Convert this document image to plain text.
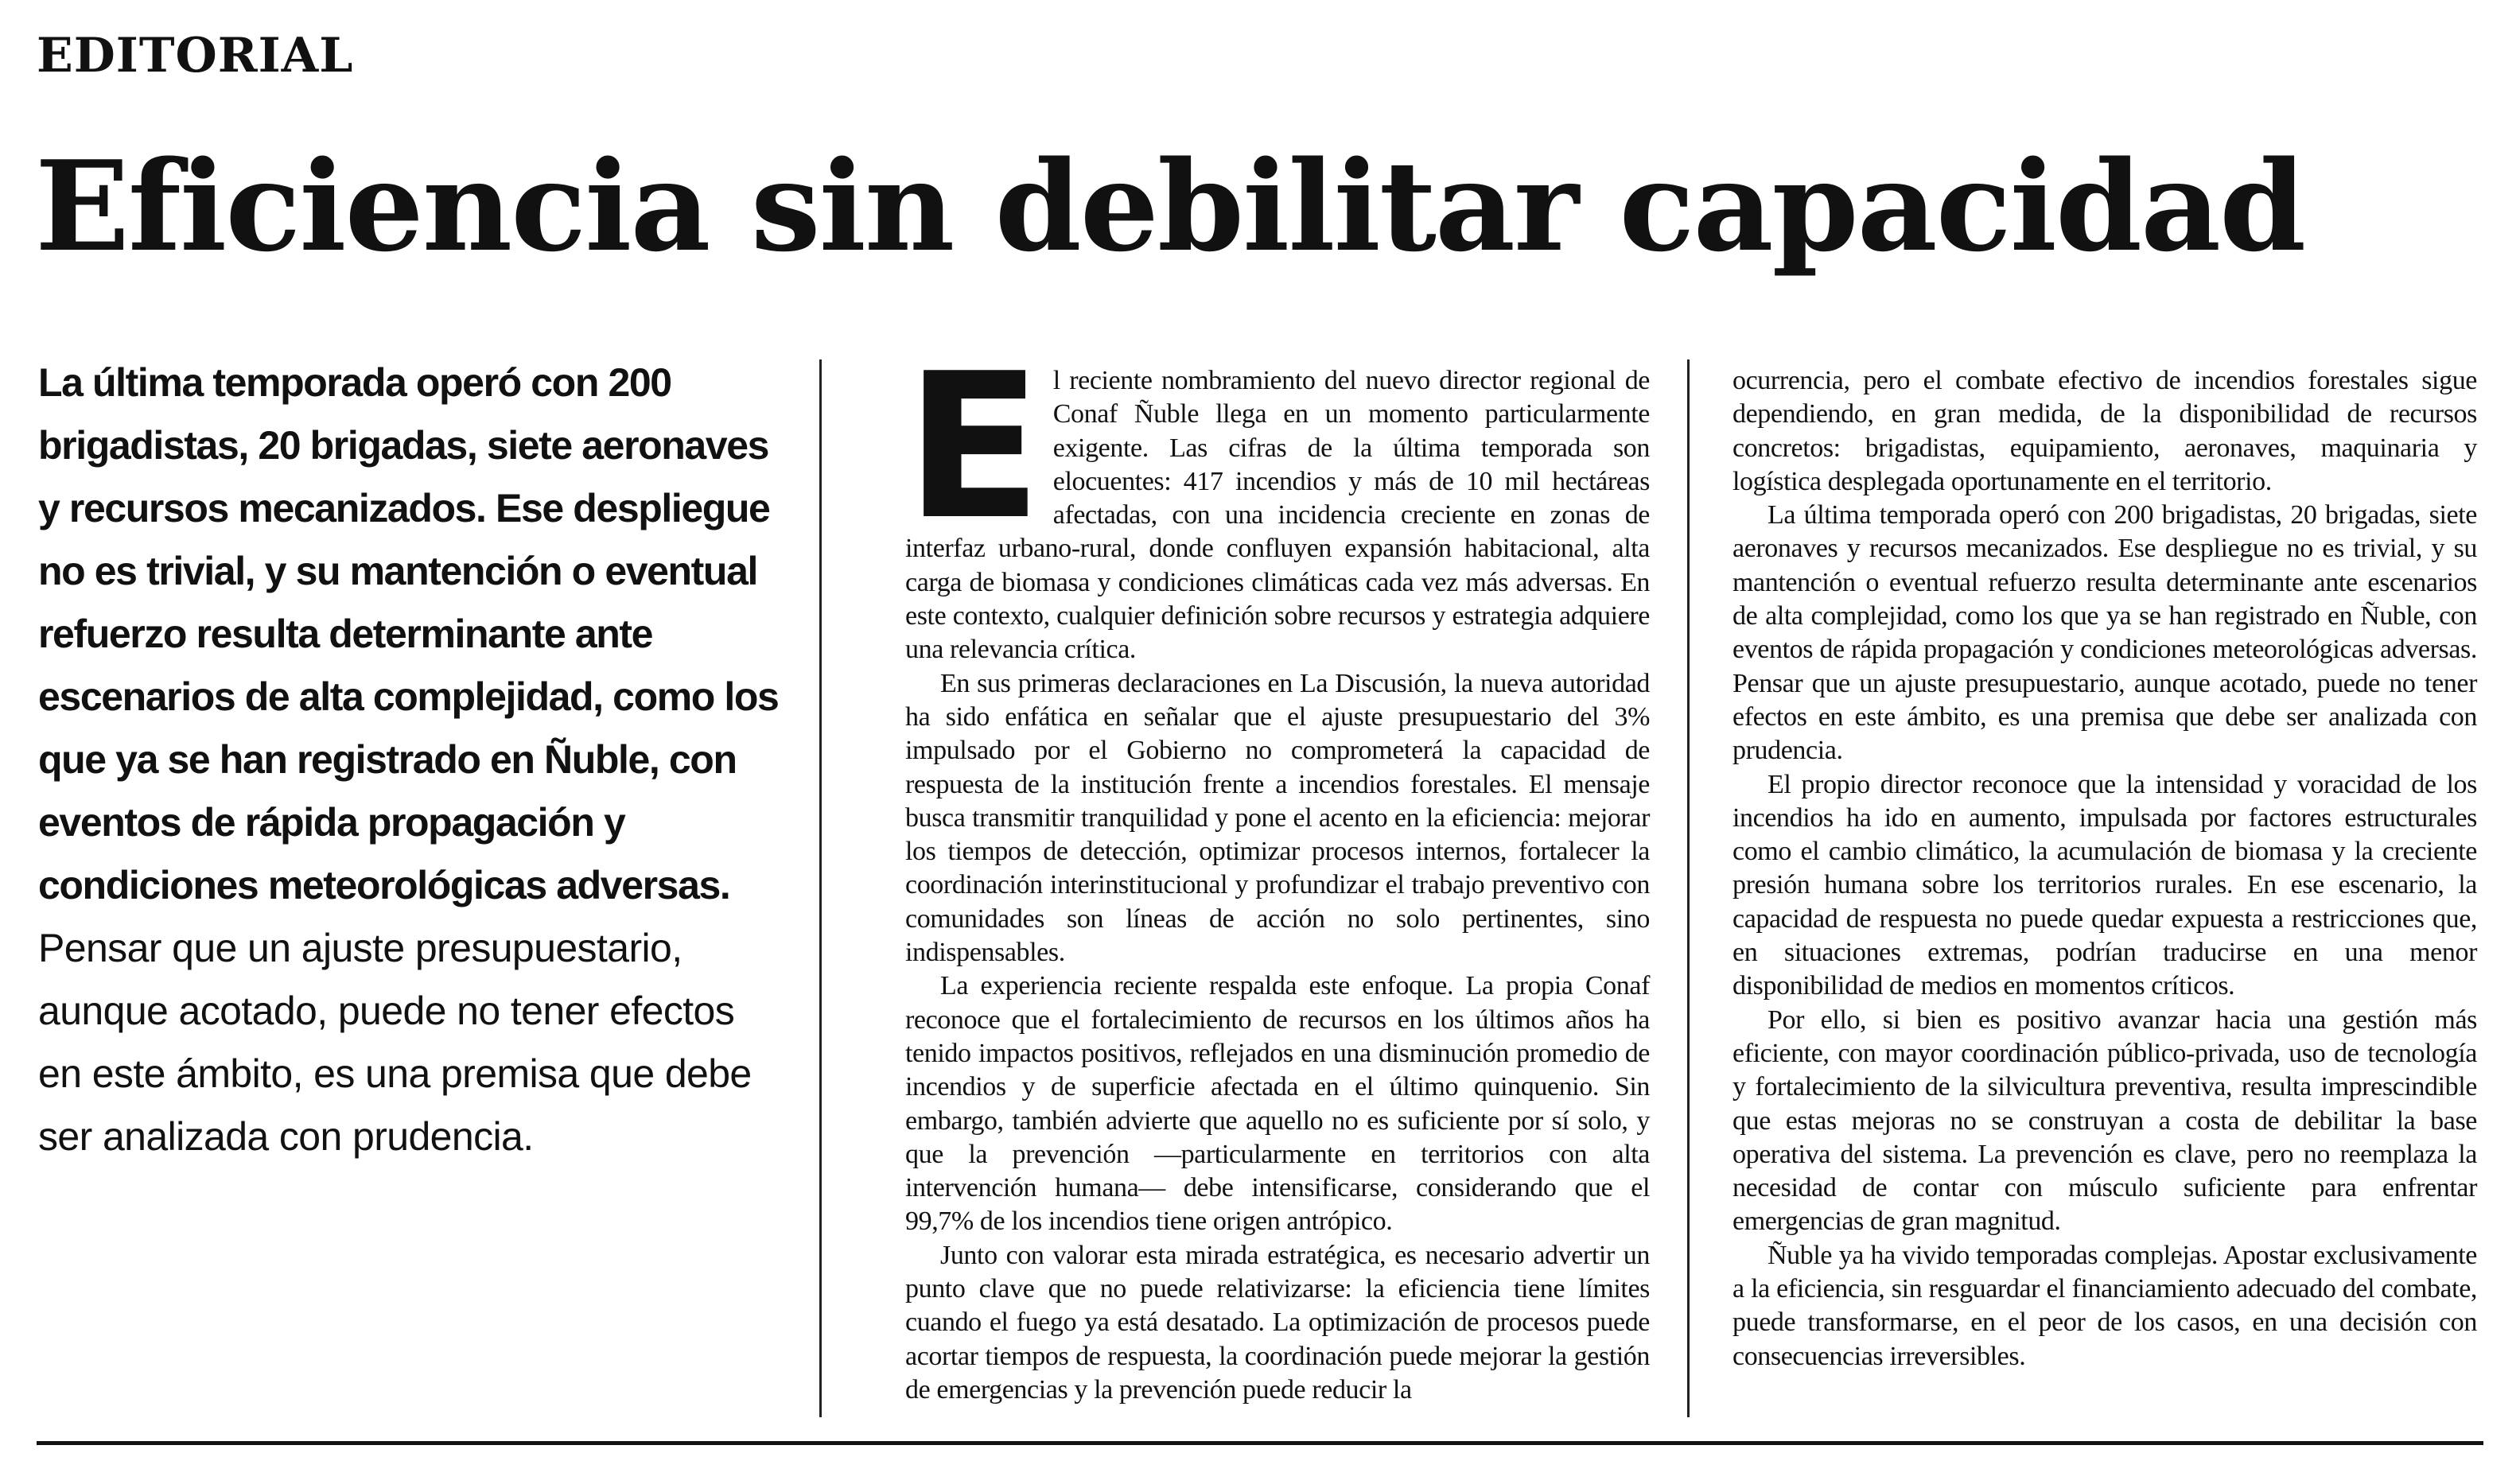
EDITORIAL
Eficiencia sin debilitar capacidad

La última temporada operó con 200 brigadistas, 20 brigadas, siete aeronaves y recursos mecanizados. Ese despliegue no es trivial, y su mantención o eventual refuerzo resulta determinante ante escenarios de alta complejidad, como los que ya se han registrado en Ñuble, con eventos de rápida propagación y condiciones meteorológicas adversas. Pensar que un ajuste presupuestario, aunque acotado, puede no tener efectos en este ámbito, es una premisa que debe ser analizada con prudencia.

El reciente nombramiento del nuevo director regional de Conaf Ñuble llega en un momento particularmente exigente. Las cifras de la última temporada son elocuentes: 417 incendios y más de 10 mil hectáreas afectadas, con una incidencia creciente en zonas de interfaz urbano-rural, donde confluyen expansión habitacional, alta carga de biomasa y condiciones climáticas cada vez más adversas. En este contexto, cualquier definición sobre recursos y estrategia adquiere una relevancia crítica.

En sus primeras declaraciones en La Discusión, la nueva autoridad ha sido enfática en señalar que el ajuste presupuestario del 3% impulsado por el Gobierno no comprometerá la capacidad de respuesta de la institución frente a incendios forestales. El mensaje busca transmitir tranquilidad y pone el acento en la eficiencia: mejorar los tiempos de detección, optimizar procesos internos, fortalecer la coordinación interinstitucional y profundizar el trabajo preventivo con comunidades son líneas de acción no solo pertinentes, sino indispensables.

La experiencia reciente respalda este enfoque. La propia Conaf reconoce que el fortalecimiento de recursos en los últimos años ha tenido impactos positivos, reflejados en una disminución promedio de incendios y de superficie afectada en el último quinquenio. Sin embargo, también advierte que aquello no es suficiente por sí solo, y que la prevención —particularmente en territorios con alta intervención humana— debe intensificarse, considerando que el 99,7% de los incendios tiene origen antrópico.

Junto con valorar esta mirada estratégica, es necesario advertir un punto clave que no puede relativizarse: la eficiencia tiene límites cuando el fuego ya está desatado. La optimización de procesos puede acortar tiempos de respuesta, la coordinación puede mejorar la gestión de emergencias y la prevención puede reducir la

ocurrencia, pero el combate efectivo de incendios forestales sigue dependiendo, en gran medida, de la disponibilidad de recursos concretos: brigadistas, equipamiento, aeronaves, maquinaria y logística desplegada oportunamente en el territorio.

La última temporada operó con 200 brigadistas, 20 brigadas, siete aeronaves y recursos mecanizados. Ese despliegue no es trivial, y su mantención o eventual refuerzo resulta determinante ante escenarios de alta complejidad, como los que ya se han registrado en Ñuble, con eventos de rápida propagación y condiciones meteorológicas adversas. Pensar que un ajuste presupuestario, aunque acotado, puede no tener efectos en este ámbito, es una premisa que debe ser analizada con prudencia.

El propio director reconoce que la intensidad y voracidad de los incendios ha ido en aumento, impulsada por factores estructurales como el cambio climático, la acumulación de biomasa y la creciente presión humana sobre los territorios rurales. En ese escenario, la capacidad de respuesta no puede quedar expuesta a restricciones que, en situaciones extremas, podrían traducirse en una menor disponibilidad de medios en momentos críticos.

Por ello, si bien es positivo avanzar hacia una gestión más eficiente, con mayor coordinación público-privada, uso de tecnología y fortalecimiento de la silvicultura preventiva, resulta imprescindible que estas mejoras no se construyan a costa de debilitar la base operativa del sistema. La prevención es clave, pero no reemplaza la necesidad de contar con músculo suficiente para enfrentar emergencias de gran magnitud.

Ñuble ya ha vivido temporadas complejas. Apostar exclusivamente a la eficiencia, sin resguardar el financiamiento adecuado del combate, puede transformarse, en el peor de los casos, en una decisión con consecuencias irreversibles.
